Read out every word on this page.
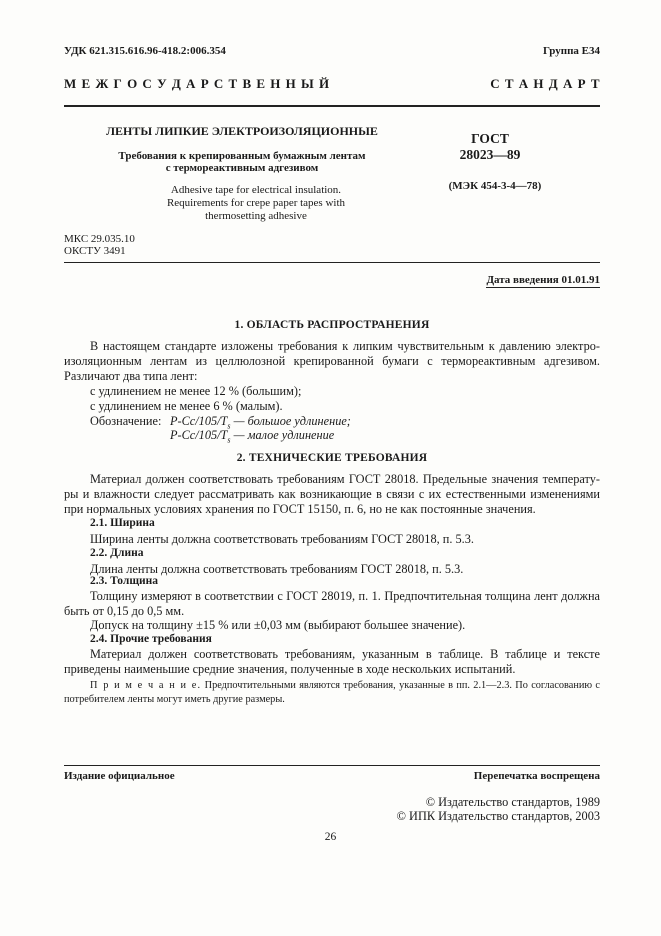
УДК 621.315.616.96-418.2:006.354	Группа Е34
М Е Ж Г О С У Д А Р С Т В Е Н Н Ы Й	С Т А Н Д А Р Т
ЛЕНТЫ ЛИПКИЕ ЭЛЕКТРОИЗОЛЯЦИОННЫЕ
Требования к крепированным бумажным лентам
с термореактивным адгезивом
Adhesive tape for electrical insulation.
Requirements for crepe paper tapes with
thermosetting adhesive
ГОСТ
28023—89
(МЭК 454-3-4—78)
МКС 29.035.10
ОКСТУ 3491
Дата введения 01.01.91
1. ОБЛАСТЬ РАСПРОСТРАНЕНИЯ
В настоящем стандарте изложены требования к липким чувствительным к давлению электроизоляционным лентам из целлюлозной крепированной бумаги с термореактивным адгезивом. Различают два типа лент:
с удлинением не менее 12 % (большим);
с удлинением не менее 6 % (малым).
Обозначение: $P-Cc/105/T_s$ — большое удлинение;
$P-Cc/105/T_s$ — малое удлинение
2. ТЕХНИЧЕСКИЕ ТРЕБОВАНИЯ
Материал должен соответствовать требованиям ГОСТ 28018. Предельные значения температуры и влажности следует рассматривать как возникающие в связи с их естественными изменениями при нормальных условиях хранения по ГОСТ 15150, п. 6, но не как постоянные значения.
2.1. Ширина
Ширина ленты должна соответствовать требованиям ГОСТ 28018, п. 5.3.
2.2. Длина
Длина ленты должна соответствовать требованиям ГОСТ 28018, п. 5.3.
2.3. Толщина
Толщину измеряют в соответствии с ГОСТ 28019, п. 1. Предпочтительная толщина лент должна быть от 0,15 до 0,5 мм.
Допуск на толщину ±15 % или ±0,03 мм (выбирают большее значение).
2.4. Прочие требования
Материал должен соответствовать требованиям, указанным в таблице. В таблице и тексте приведены наименьшие средние значения, полученные в ходе нескольких испытаний.
П р и м е ч а н и е. Предпочтительными являются требования, указанные в пп. 2.1—2.3. По согласованию с потребителем ленты могут иметь другие размеры.
Издание официальное	Перепечатка воспрещена
© Издательство стандартов, 1989
© ИПК Издательство стандартов, 2003
26
